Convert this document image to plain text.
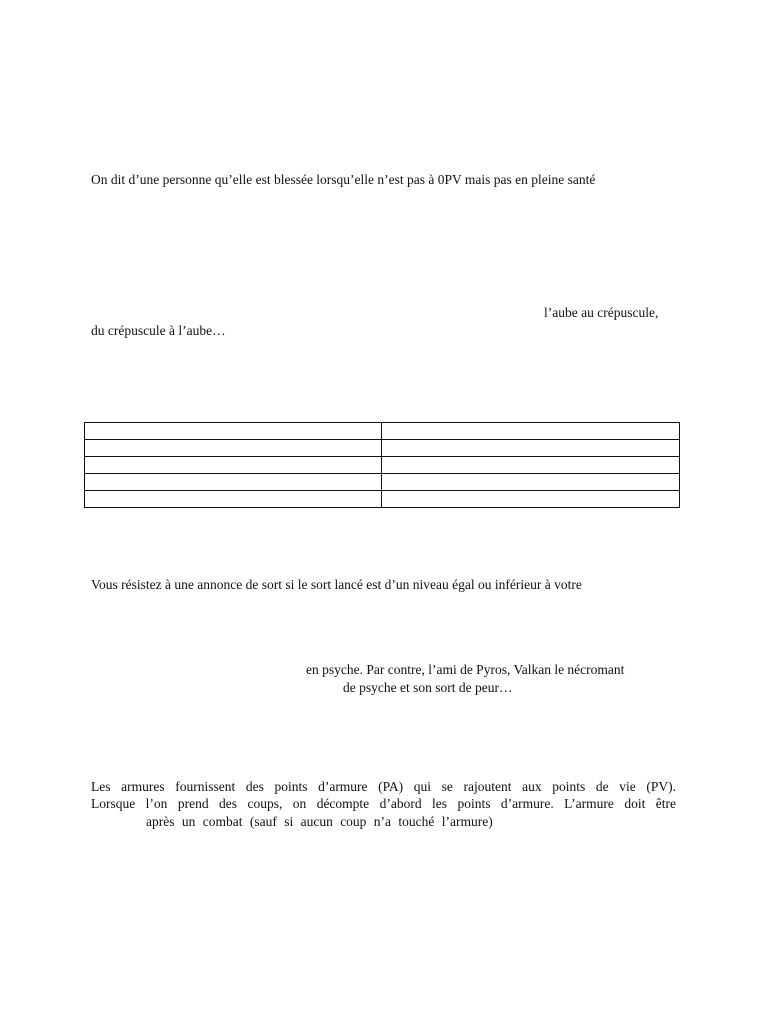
On dit d’une personne qu’elle est blessée lorsqu’elle n’est pas à 0PV mais pas en pleine santé
l’aube au crépuscule,
du crépuscule à l’aube…

Vous résistez à une annonce de sort si le sort lancé est d’un niveau égal ou inférieur à votre
en psyche. Par contre, l’ami de Pyros, Valkan le nécromant
de psyche et son sort de peur…
Les armures fournissent des points d’armure (PA) qui se rajoutent aux points de vie (PV).
Lorsque l’on prend des coups, on décompte d’abord les points d’armure. L’armure doit être
après un combat (sauf si aucun coup n’a touché l’armure)
